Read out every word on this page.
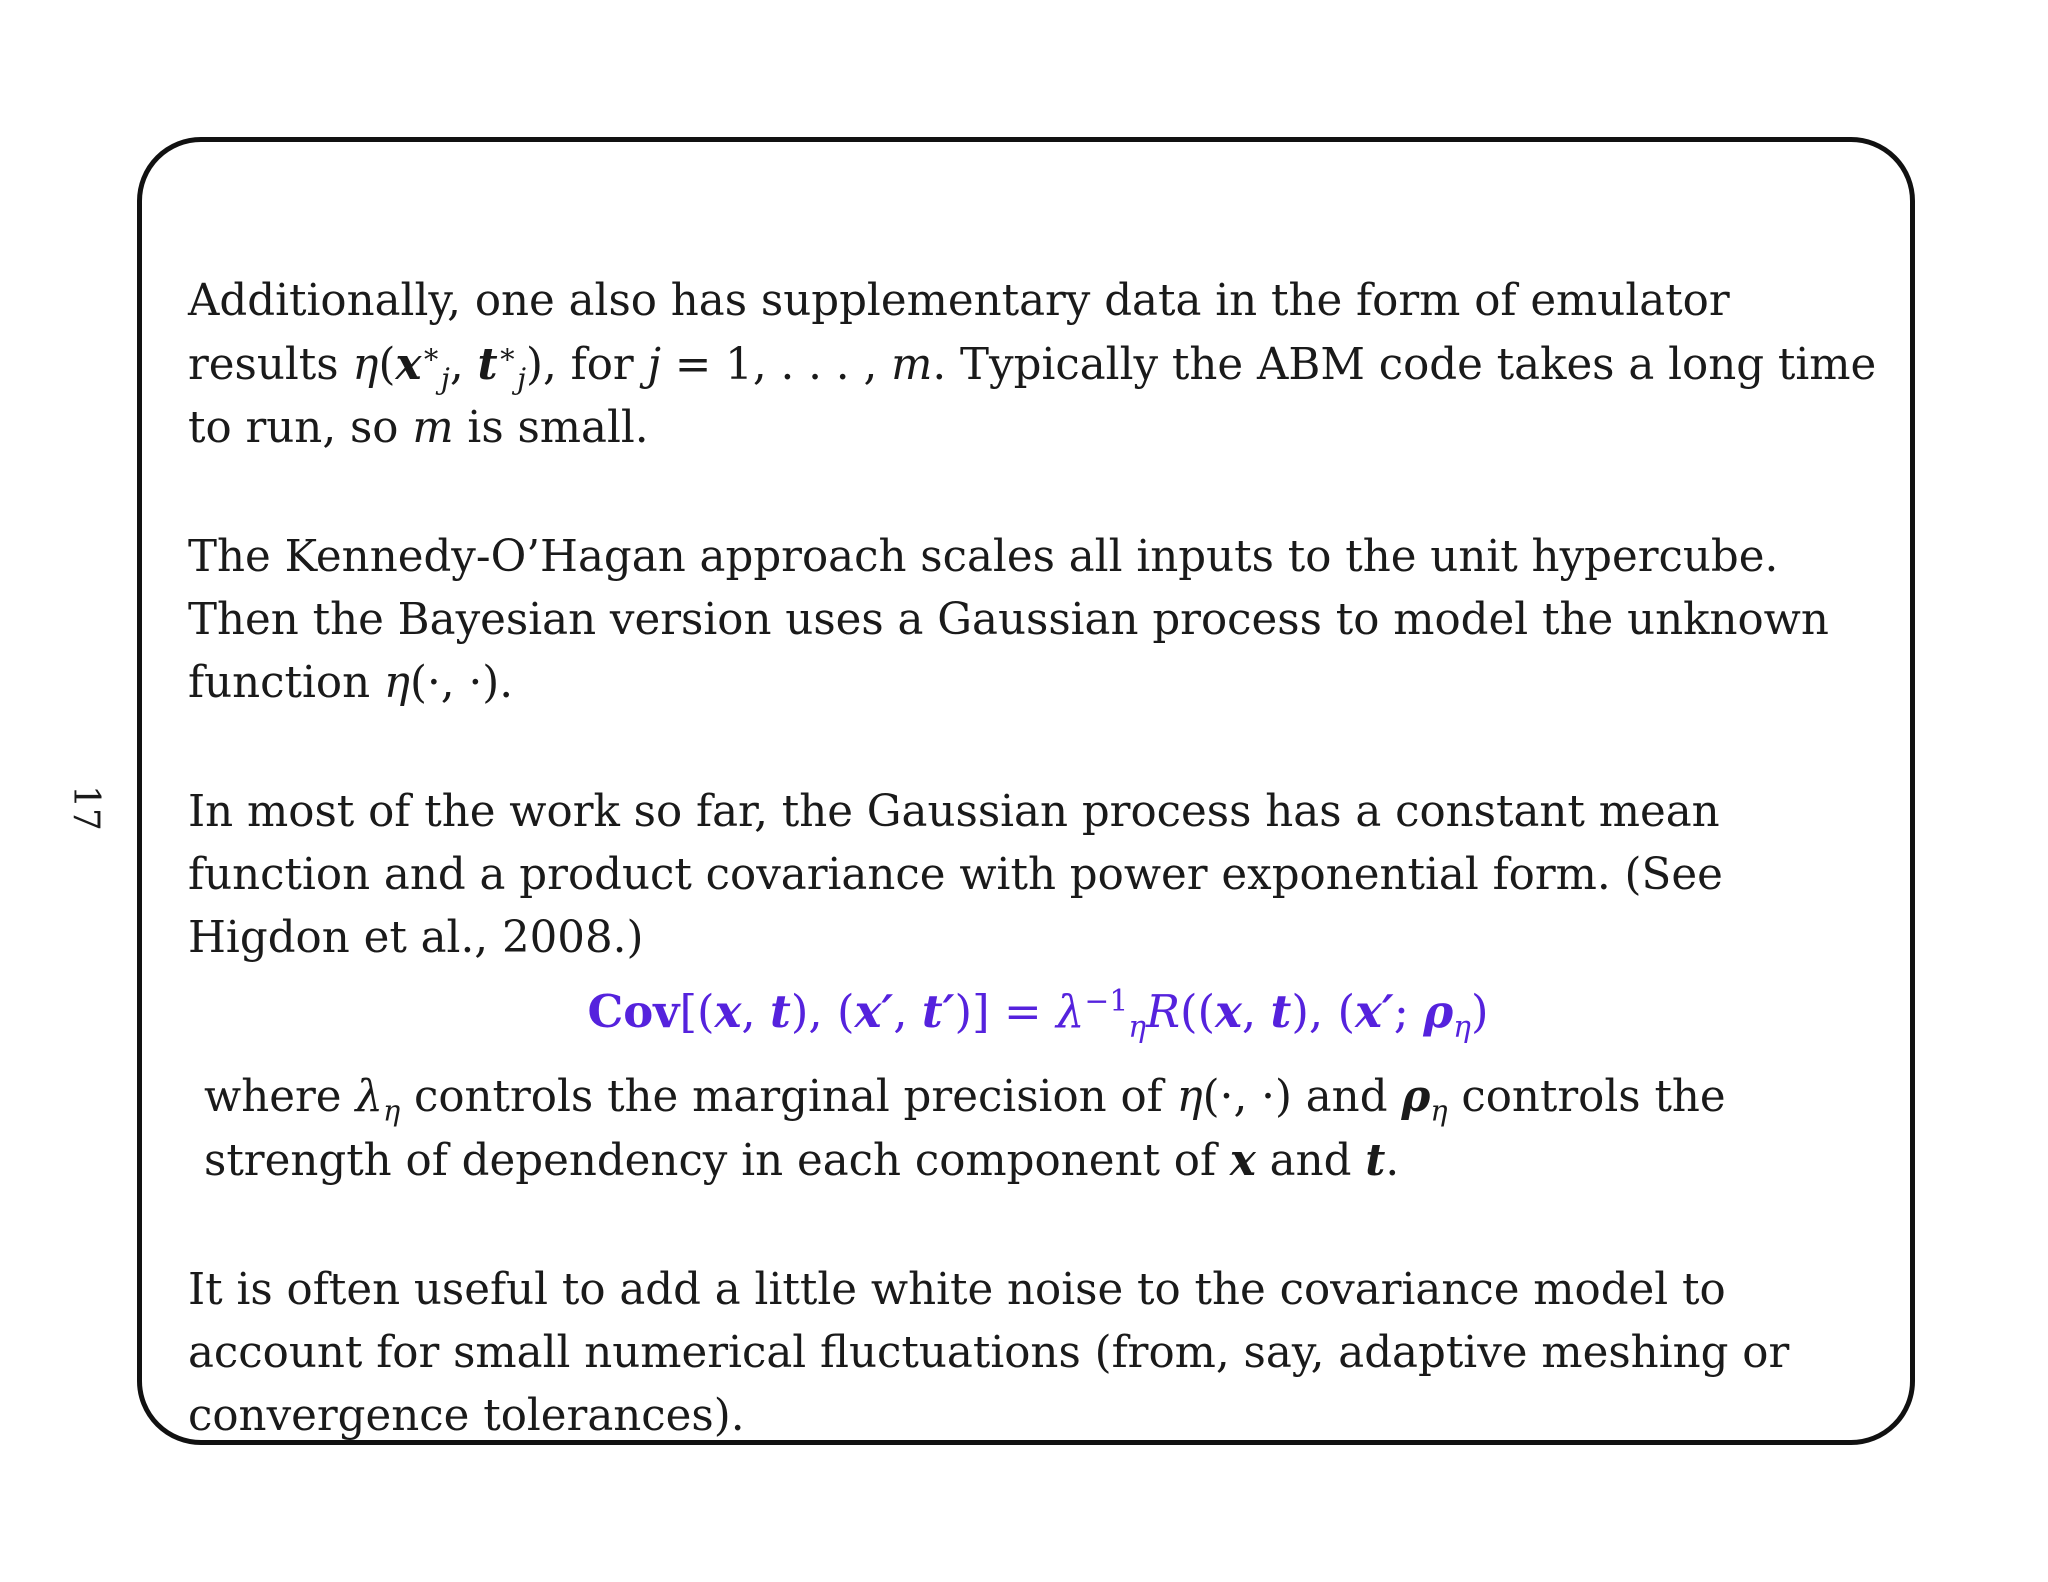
17

Additionally, one also has supplementary data in the form of emulator results $\eta(x^∗_j$, $t^∗_j$), for j = 1, . . . , m. Typically the ABM code takes a long time to run, so m is small.

The Kennedy-O’Hagan approach scales all inputs to the unit hypercube. Then the Bayesian version uses a Gaussian process to model the unknown function η(·, ·).

In most of the work so far, the Gaussian process has a constant mean function and a product covariance with power exponential form. (See Higdon et al., 2008.)

Cov[(x, t), (x′, $t')] = \lambda^{-1}_\eta R((x$, t), (x′; $\rho_\eta$)

where $\lambda_\eta$ controls the marginal precision of η(·, ·) and $\rho_\eta$ controls the strength of dependency in each component of x and t.

It is often useful to add a little white noise to the covariance model to account for small numerical fluctuations (from, say, adaptive meshing or convergence tolerances).
